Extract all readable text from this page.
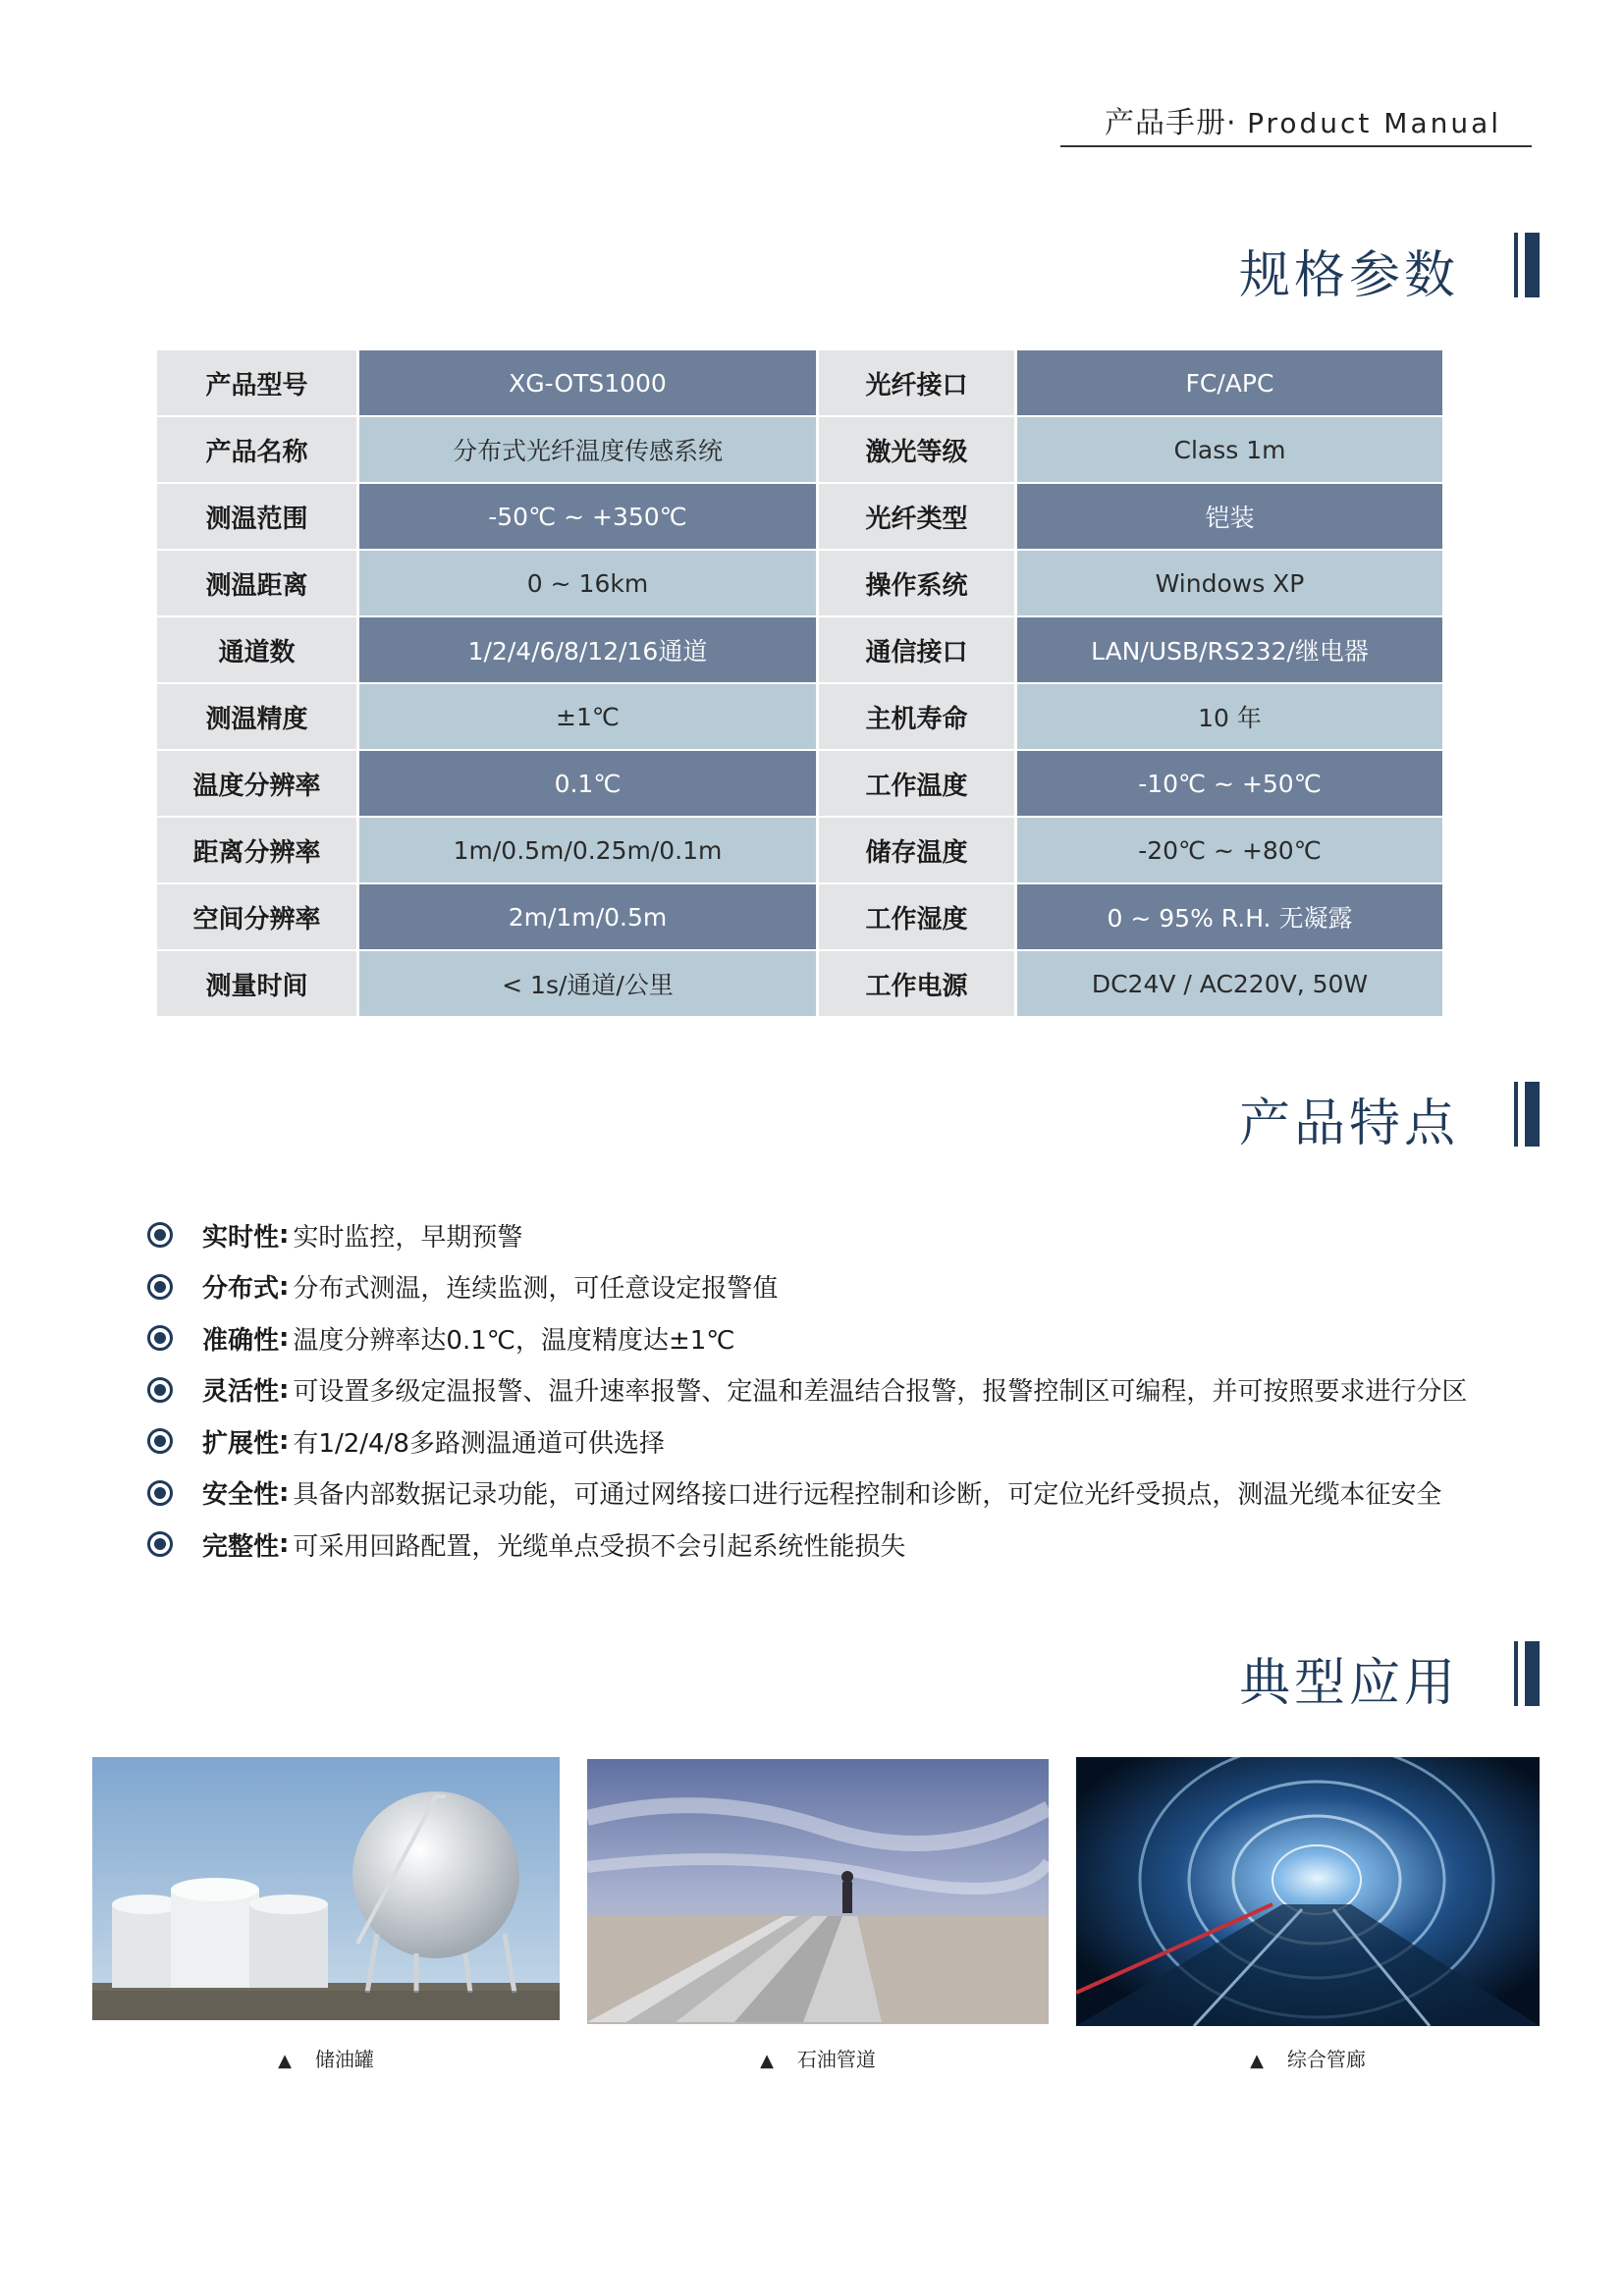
产品手册· Product Manual
规格参数
产品型号	XG-OTS1000	光纤接口	FC/APC
产品名称	分布式光纤温度传感系统	激光等级	Class 1m
测温范围	-50℃ ~ +350℃	光纤类型	铠装
测温距离	0 ~ 16km	操作系统	Windows XP
通道数	1/2/4/6/8/12/16通道	通信接口	LAN/USB/RS232/继电器
测温精度	±1℃	主机寿命	10 年
温度分辨率	0.1℃	工作温度	-10℃ ~ +50℃
距离分辨率	1m/0.5m/0.25m/0.1m	储存温度	-20℃ ~ +80℃
空间分辨率	2m/1m/0.5m	工作湿度	0 ~ 95% R.H. 无凝露
测量时间	< 1s/通道/公里	工作电源	DC24V / AC220V, 50W
产品特点
实时性 : 实时监控，早期预警
分布式 : 分布式测温，连续监测，可任意设定报警值
准确性 : 温度分辨率达0.1℃，温度精度达±1℃
灵活性 : 可设置多级定温报警、温升速率报警、定温和差温结合报警，报警控制区可编程，并可按照要求进行分区
扩展性 : 有1/2/4/8多路测温通道可供选择
安全性 : 具备内部数据记录功能，可通过网络接口进行远程控制和诊断，可定位光纤受损点，测温光缆本征安全
完整性 : 可采用回路配置，光缆单点受损不会引起系统性能损失
典型应用
▲ 储油罐	▲ 石油管道	▲ 综合管廊
